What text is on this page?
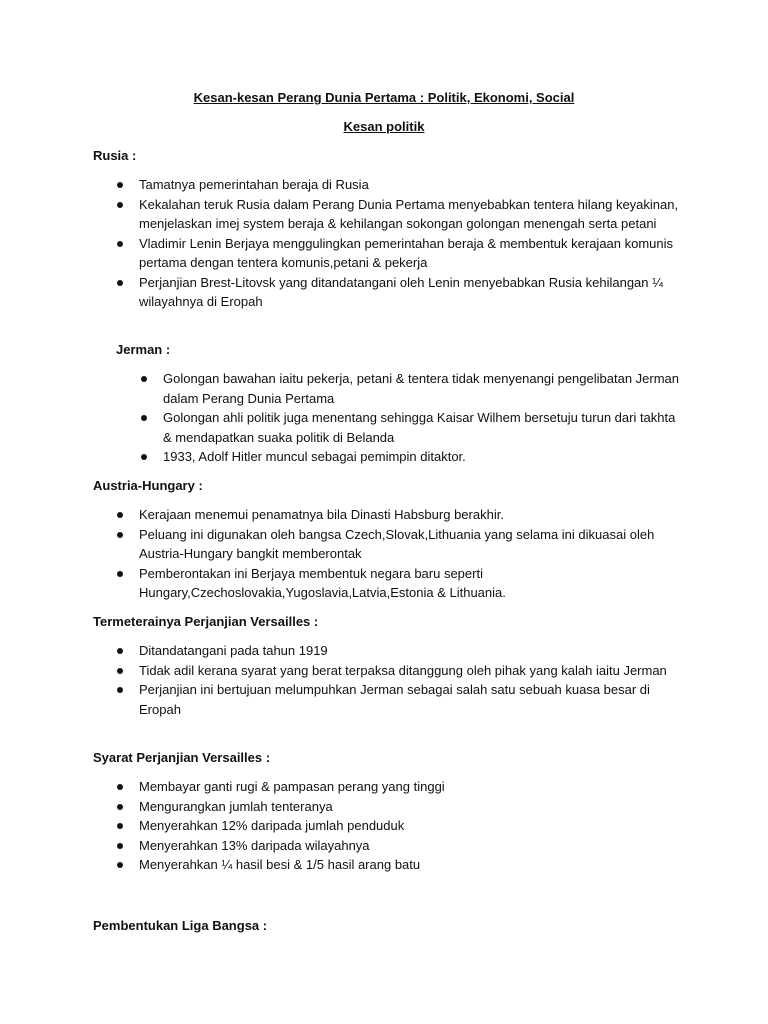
Kesan-kesan Perang Dunia Pertama : Politik, Ekonomi, Social
Kesan politik
Rusia :
Tamatnya pemerintahan beraja di Rusia
Kekalahan teruk Rusia dalam Perang Dunia Pertama menyebabkan tentera hilang keyakinan, menjelaskan imej system beraja & kehilangan sokongan golongan menengah serta petani
Vladimir Lenin Berjaya menggulingkan pemerintahan beraja & membentuk kerajaan komunis pertama dengan tentera komunis,petani & pekerja
Perjanjian Brest-Litovsk yang ditandatangani oleh Lenin menyebabkan Rusia kehilangan ¼ wilayahnya di Eropah
Jerman :
Golongan bawahan iaitu pekerja, petani & tentera tidak menyenangi pengelibatan Jerman dalam Perang Dunia Pertama
Golongan ahli politik juga menentang sehingga Kaisar Wilhem bersetuju turun dari takhta & mendapatkan suaka politik di Belanda
1933, Adolf Hitler muncul sebagai pemimpin ditaktor.
Austria-Hungary :
Kerajaan menemui penamatnya bila Dinasti Habsburg berakhir.
Peluang ini digunakan oleh bangsa Czech,Slovak,Lithuania yang selama ini dikuasai oleh Austria-Hungary bangkit memberontak
Pemberontakan ini Berjaya membentuk negara baru seperti Hungary,Czechoslovakia,Yugoslavia,Latvia,Estonia & Lithuania.
Termeterainya Perjanjian Versailles :
Ditandatangani pada tahun 1919
Tidak adil kerana syarat yang berat terpaksa ditanggung oleh pihak yang kalah iaitu Jerman
Perjanjian ini bertujuan melumpuhkan Jerman sebagai salah satu sebuah kuasa besar di Eropah
Syarat Perjanjian Versailles :
Membayar ganti rugi & pampasan perang yang tinggi
Mengurangkan jumlah tenteranya
Menyerahkan 12% daripada jumlah penduduk
Menyerahkan 13% daripada wilayahnya
Menyerahkan ¼ hasil besi & 1/5 hasil arang batu
Pembentukan Liga Bangsa :
